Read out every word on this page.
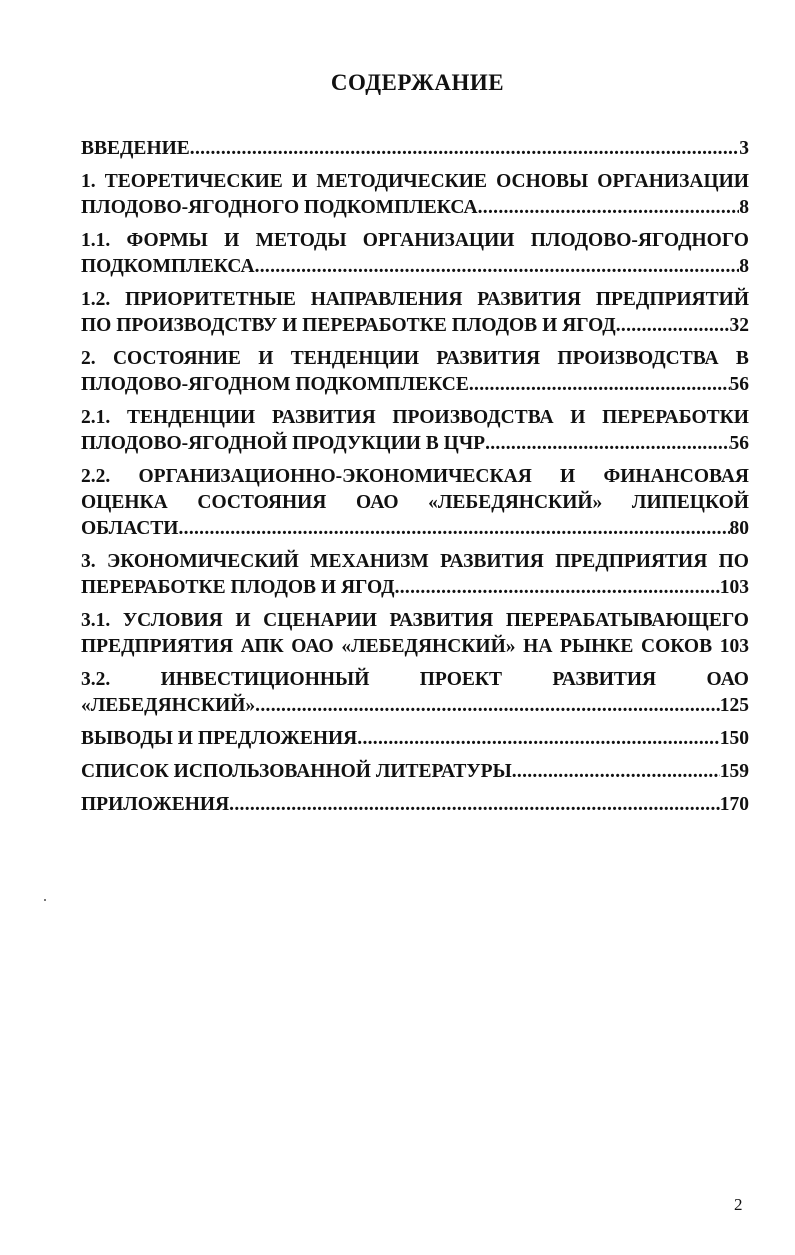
СОДЕРЖАНИЕ
ВВЕДЕНИЕ .....	3
1. ТЕОРЕТИЧЕСКИЕ И МЕТОДИЧЕСКИЕ ОСНОВЫ ОРГАНИЗАЦИИ
ПЛОДОВО-ЯГОДНОГО ПОДКОМПЛЕКСА .....	8
1.1. ФОРМЫ И МЕТОДЫ ОРГАНИЗАЦИИ ПЛОДОВО-ЯГОДНОГО
ПОДКОМПЛЕКСА .....	8
1.2. ПРИОРИТЕТНЫЕ НАПРАВЛЕНИЯ РАЗВИТИЯ ПРЕДПРИЯТИЙ
ПО ПРОИЗВОДСТВУ И ПЕРЕРАБОТКЕ ПЛОДОВ И ЯГОД .....	32
2. СОСТОЯНИЕ И ТЕНДЕНЦИИ РАЗВИТИЯ ПРОИЗВОДСТВА В
ПЛОДОВО-ЯГОДНОМ ПОДКОМПЛЕКСЕ .....	56
2.1. ТЕНДЕНЦИИ РАЗВИТИЯ ПРОИЗВОДСТВА И ПЕРЕРАБОТКИ
ПЛОДОВО-ЯГОДНОЙ ПРОДУКЦИИ В ЦЧР .....	56
2.2. ОРГАНИЗАЦИОННО-ЭКОНОМИЧЕСКАЯ И ФИНАНСОВАЯ
ОЦЕНКА СОСТОЯНИЯ ОАО «ЛЕБЕДЯНСКИЙ» ЛИПЕЦКОЙ
ОБЛАСТИ .....	80
3. ЭКОНОМИЧЕСКИЙ МЕХАНИЗМ РАЗВИТИЯ ПРЕДПРИЯТИЯ ПО
ПЕРЕРАБОТКЕ ПЛОДОВ И ЯГОД .....	103
3.1. УСЛОВИЯ И СЦЕНАРИИ РАЗВИТИЯ ПЕРЕРАБАТЫВАЮЩЕГО
ПРЕДПРИЯТИЯ АПК ОАО «ЛЕБЕДЯНСКИЙ» НА РЫНКЕ СОКОВ 103
3.2.	ИНВЕСТИЦИОННЫЙ	ПРОЕКТ	РАЗВИТИЯ	ОАО
«ЛЕБЕДЯНСКИЙ» .....	125
ВЫВОДЫ И ПРЕДЛОЖЕНИЯ .....	150
СПИСОК ИСПОЛЬЗОВАННОЙ ЛИТЕРАТУРЫ .....	159
ПРИЛОЖЕНИЯ .....	170
2
